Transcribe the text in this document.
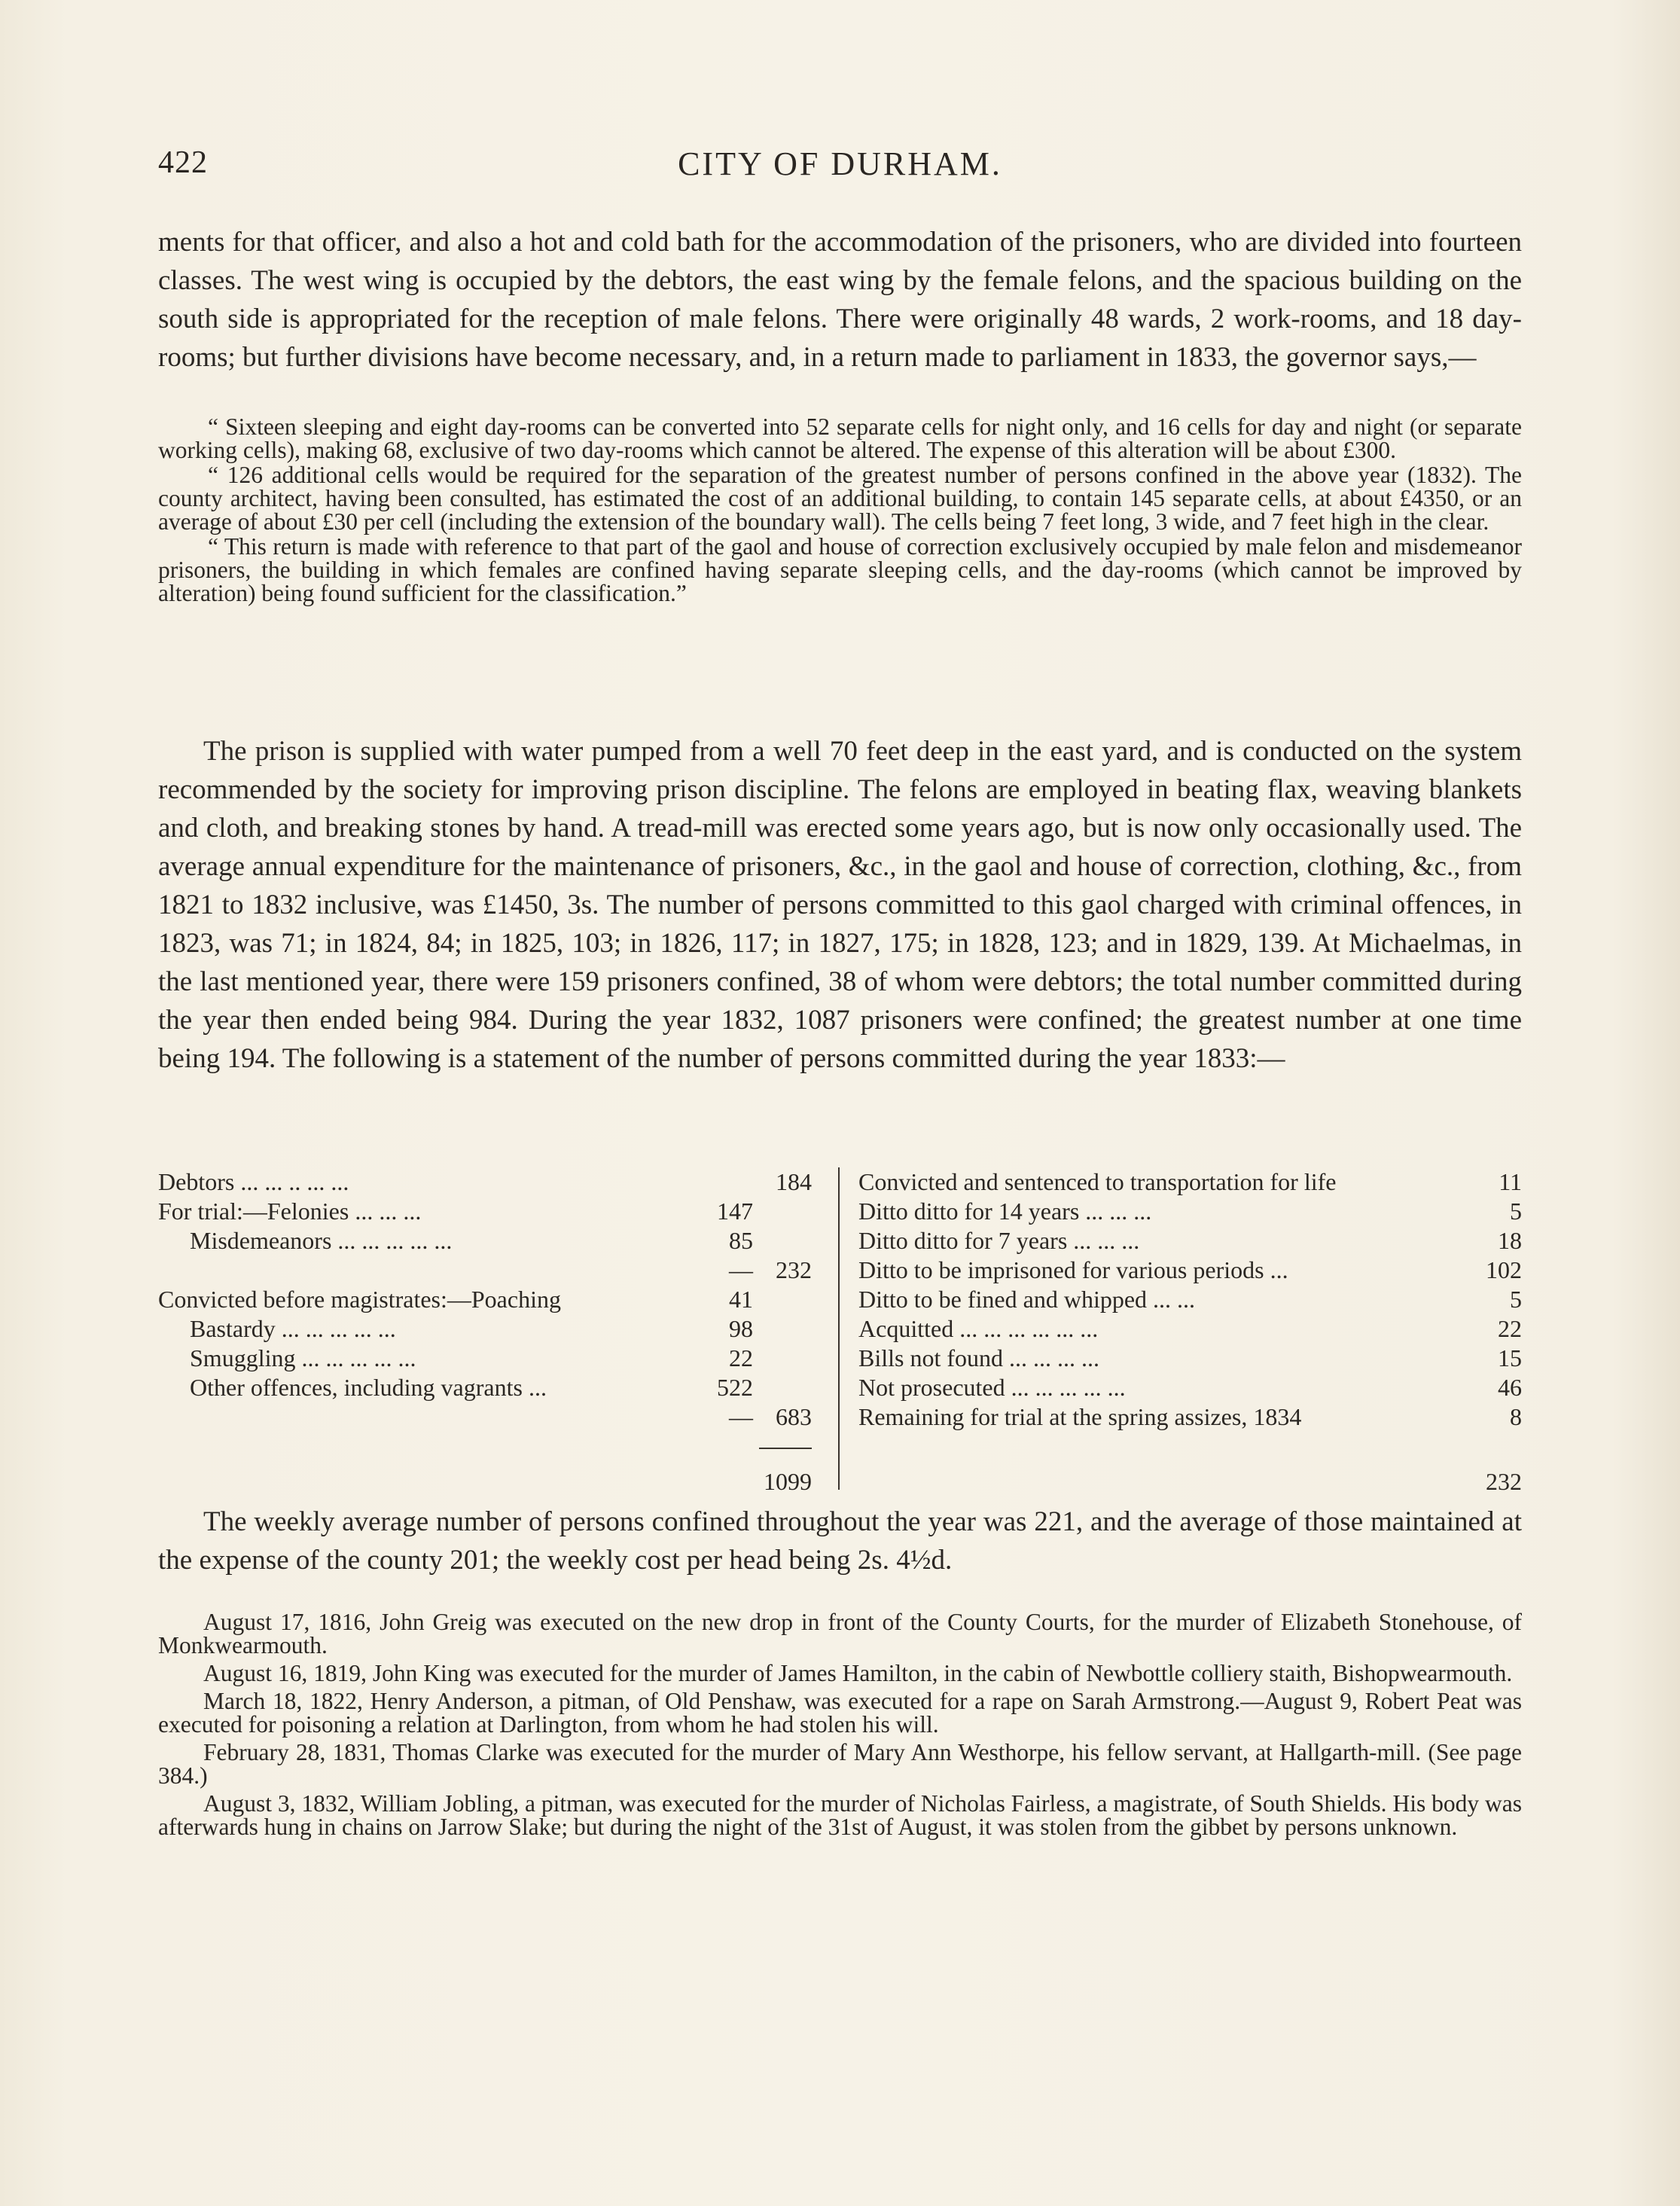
422	CITY OF DURHAM.

ments for that officer, and also a hot and cold bath for the accommodation of the prisoners, who are divided into fourteen classes. The west wing is occupied by the debtors, the east wing by the female felons, and the spacious building on the south side is appropriated for the reception of male felons. There were originally 48 wards, 2 work-rooms, and 18 day-rooms; but further divisions have become necessary, and, in a return made to parliament in 1833, the governor says,—

“ Sixteen sleeping and eight day-rooms can be converted into 52 separate cells for night only, and 16 cells for day and night (or separate working cells), making 68, exclusive of two day-rooms which cannot be altered. The expense of this alteration will be about £300.

“ 126 additional cells would be required for the separation of the greatest number of persons confined in the above year (1832). The county architect, having been consulted, has estimated the cost of an additional building, to contain 145 separate cells, at about £4350, or an average of about £30 per cell (including the extension of the boundary wall). The cells being 7 feet long, 3 wide, and 7 feet high in the clear.

“ This return is made with reference to that part of the gaol and house of correction exclusively occupied by male felon and misdemeanor prisoners, the building in which females are confined having separate sleeping cells, and the day-rooms (which cannot be improved by alteration) being found sufficient for the classification.”

The prison is supplied with water pumped from a well 70 feet deep in the east yard, and is conducted on the system recommended by the society for improving prison discipline. The felons are employed in beating flax, weaving blankets and cloth, and breaking stones by hand. A tread-mill was erected some years ago, but is now only occasionally used. The average annual expenditure for the maintenance of prisoners, &c., in the gaol and house of correction, clothing, &c., from 1821 to 1832 inclusive, was £1450, 3s. The number of persons committed to this gaol charged with criminal offences, in 1823, was 71; in 1824, 84; in 1825, 103; in 1826, 117; in 1827, 175; in 1828, 123; and in 1829, 139. At Michaelmas, in the last mentioned year, there were 159 prisoners confined, 38 of whom were debtors; the total number committed during the year then ended being 984. During the year 1832, 1087 prisoners were confined; the greatest number at one time being 194. The following is a statement of the number of persons committed during the year 1833:—

Debtors ... ... .. ... ...	184
For trial:—Felonies ... ... ...	147
Misdemeanors ... ... ... ... ...	85
— 232
Convicted before magistrates:—Poaching	41
Bastardy ... ... ... ... ...	98
Smuggling ... ... ... ... ...	22
Other offences, including vagrants ...	522
— 683
1099
Convicted and sentenced to transportation for life	11
Ditto ditto for 14 years ... ... ...	5
Ditto ditto for 7 years ... ... ...	18
Ditto to be imprisoned for various periods ...	102
Ditto to be fined and whipped ... ...	5
Acquitted ... ... ... ... ... ...	22
Bills not found ... ... ... ...	15
Not prosecuted ... ... ... ... ...	46
Remaining for trial at the spring assizes, 1834	8
232

The weekly average number of persons confined throughout the year was 221, and the average of those maintained at the expense of the county 201; the weekly cost per head being 2s. 4½d.

August 17, 1816, John Greig was executed on the new drop in front of the County Courts, for the murder of Elizabeth Stonehouse, of Monkwearmouth.

August 16, 1819, John King was executed for the murder of James Hamilton, in the cabin of Newbottle colliery staith, Bishopwearmouth.

March 18, 1822, Henry Anderson, a pitman, of Old Penshaw, was executed for a rape on Sarah Armstrong.—August 9, Robert Peat was executed for poisoning a relation at Darlington, from whom he had stolen his will.

February 28, 1831, Thomas Clarke was executed for the murder of Mary Ann Westhorpe, his fellow servant, at Hallgarth-mill. (See page 384.)

August 3, 1832, William Jobling, a pitman, was executed for the murder of Nicholas Fairless, a magistrate, of South Shields. His body was afterwards hung in chains on Jarrow Slake; but during the night of the 31st of August, it was stolen from the gibbet by persons unknown.
